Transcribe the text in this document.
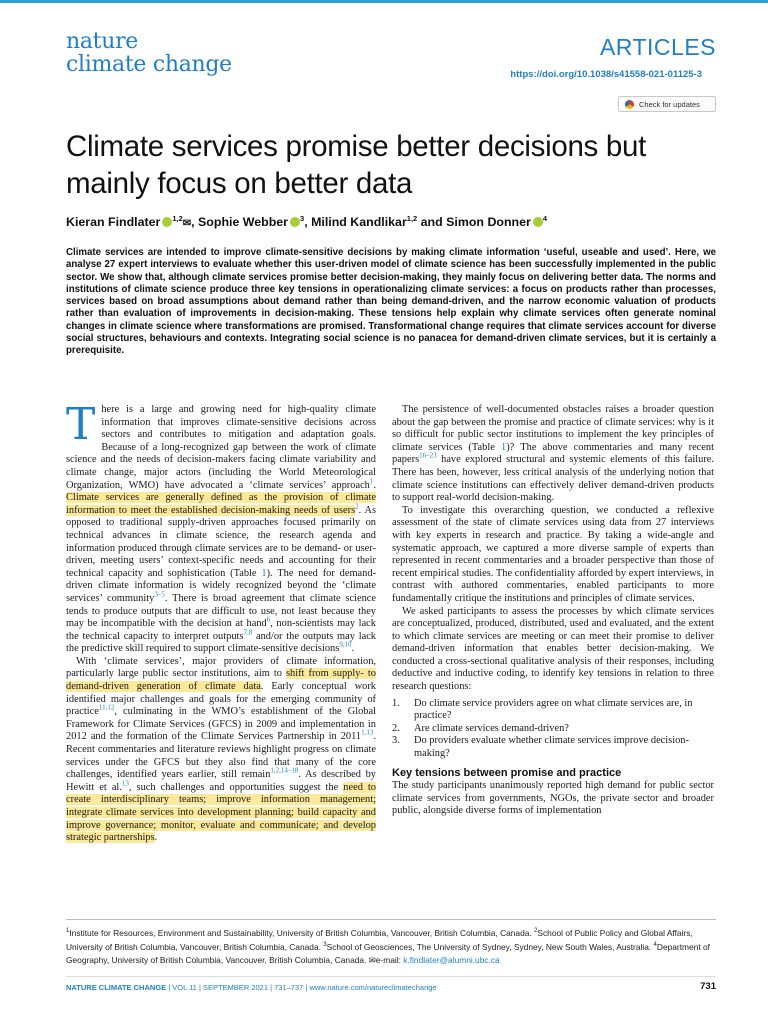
nature
climate change
ARTICLES
https://doi.org/10.1038/s41558-021-01125-3
Check for updates
Climate services promise better decisions but mainly focus on better data
Kieran Findlater $^{1,2}$✉, Sophie Webber $^3$, Milind Kandlikar$^{1,2}$ and Simon Donner $^4$

Climate services are intended to improve climate-sensitive decisions by making climate information ‘useful, useable and used’. Here, we analyse 27 expert interviews to evaluate whether this user-driven model of climate science has been successfully implemented in the public sector. We show that, although climate services promise better decision-making, they mainly focus on delivering better data. The norms and institutions of climate science produce three key tensions in operationalizing climate services: a focus on products rather than processes, services based on broad assumptions about demand rather than being demand-driven, and the narrow economic valuation of products rather than evaluation of improvements in decision-making. These tensions help explain why climate services often generate nominal changes in climate science where transformations are promised. Transformational change requires that climate services account for diverse social structures, behaviours and contexts. Integrating social science is no panacea for demand-driven climate services, but it is certainly a prerequisite.

There is a large and growing need for high-quality climate information that improves climate-sensitive decisions across sectors and contributes to mitigation and adaptation goals. Because of a long-recognized gap between the work of climate science and the needs of decision-makers facing climate variability and climate change, major actors (including the World Meteorological Organization, WMO) have advocated a ‘climate services’ approach$^1$. Climate services are generally defined as the provision of climate information to meet the established decision-making needs of users$^2$. As opposed to traditional supply-driven approaches focused primarily on technical advances in climate science, the research agenda and information produced through climate services are to be demand- or user-driven, meeting users’ context-specific needs and accounting for their technical capacity and sophistication (Table 1). The need for demand-driven climate information is widely recognized beyond the ‘climate services’ community$^{3-5}$. There is broad agreement that climate science tends to produce outputs that are difficult to use, not least because they may be incompatible with the decision at hand$^6$, non-scientists may lack the technical capacity to interpret outputs$^{7,8}$ and/or the outputs may lack the predictive skill required to support climate-sensitive decisions$^{9,10}$.

With ‘climate services’, major providers of climate information, particularly large public sector institutions, aim to shift from supply- to demand-driven generation of climate data. Early conceptual work identified major challenges and goals for the emerging community of practice$^{11,12}$, culminating in the WMO’s establishment of the Global Framework for Climate Services (GFCS) in 2009 and implementation in 2012 and the formation of the Climate Services Partnership in 2011$^{1,13}$. Recent commentaries and literature reviews highlight progress on climate services under the GFCS but they also find that many of the core challenges, identified years earlier, still remain$^{1,2,14-18}$. As described by Hewitt et al.$^{13}$, such challenges and opportunities suggest the need to create interdisciplinary teams; improve information management; integrate climate services into development planning; build capacity and improve governance; monitor, evaluate and communicate; and develop strategic partnerships.

The persistence of well-documented obstacles raises a broader question about the gap between the promise and practice of climate services: why is it so difficult for public sector institutions to implement the key principles of climate services (Table 1)? The above commentaries and many recent papers$^{16-23}$ have explored structural and systemic elements of this failure. There has been, however, less critical analysis of the underlying notion that climate science institutions can effectively deliver demand-driven products to support real-world decision-making.

To investigate this overarching question, we conducted a reflexive assessment of the state of climate services using data from 27 interviews with key experts in research and practice. By taking a wide-angle and systematic approach, we captured a more diverse sample of experts than represented in recent commentaries and a broader perspective than those of recent empirical studies. The confidentiality afforded by expert interviews, in contrast with authored commentaries, enabled participants to more fundamentally critique the institutions and principles of climate services.

We asked participants to assess the processes by which climate services are conceptualized, produced, distributed, used and evaluated, and the extent to which climate services are meeting or can meet their promise to deliver demand-driven information that enables better decision-making. We conducted a cross-sectional qualitative analysis of their responses, including deductive and inductive coding, to identify key tensions in relation to three research questions:

1.	Do climate service providers agree on what climate services are, in practice?
2.	Are climate services demand-driven?
3.	Do providers evaluate whether climate services improve decision-making?
Key tensions between promise and practice

The study participants unanimously reported high demand for public sector climate services from governments, NGOs, the private sector and broader public, alongside diverse forms of implementation

$^1$Institute for Resources, Environment and Sustainability, University of British Columbia, Vancouver, British Columbia, Canada. $^2$School of Public Policy and Global Affairs, University of British Columbia, Vancouver, British Columbia, Canada. $^3$School of Geosciences, The University of Sydney, Sydney, New South Wales, Australia. $^4$Department of Geography, University of British Columbia, Vancouver, British Columbia, Canada. ✉e-mail: k.findlater@alumni.ubc.ca

NATURE CLIMATE CHANGE | VOL 11 | SEPTEMBER 2021 | 731–737 | www.nature.com/natureclimatechange	731
